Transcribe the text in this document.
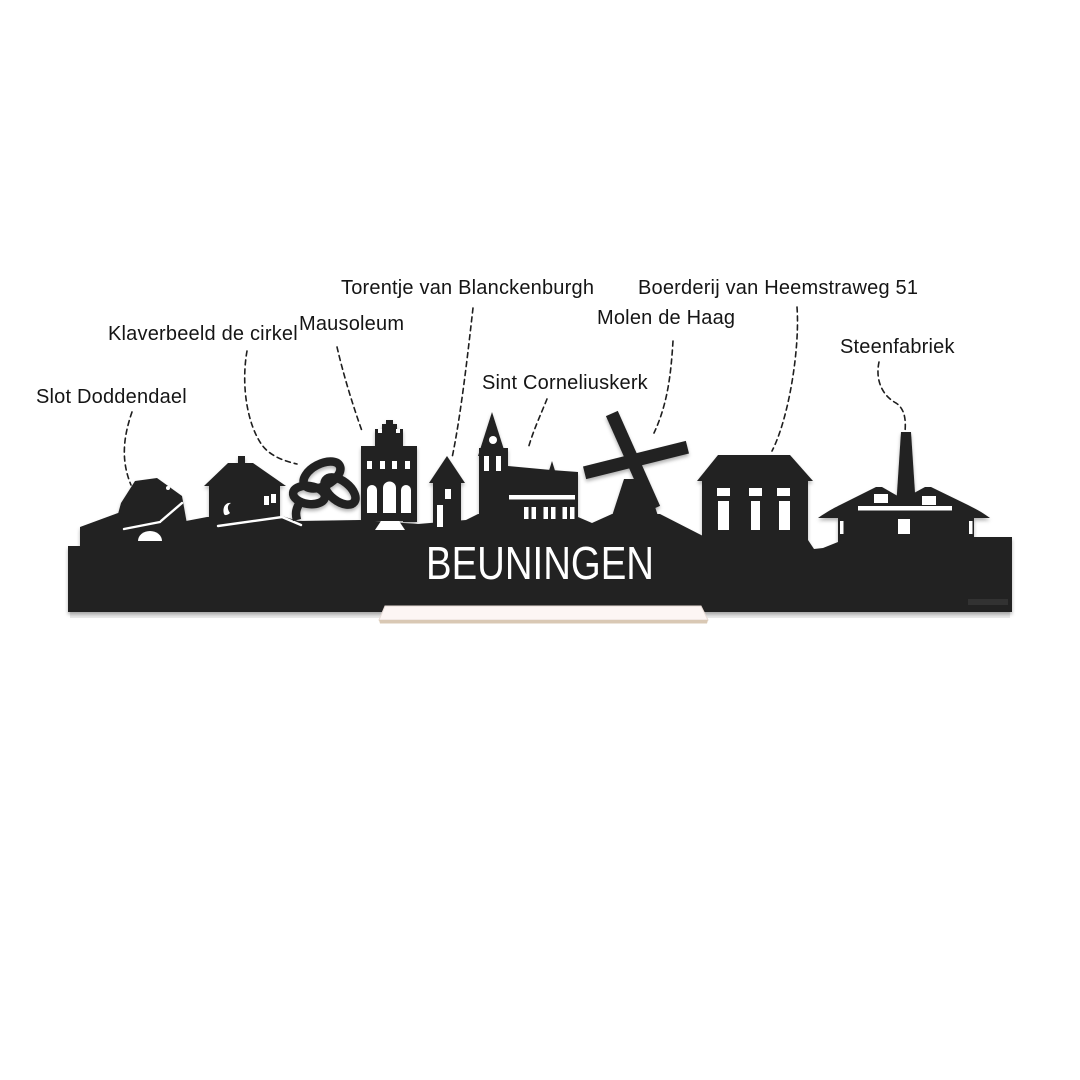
Slot Doddendael
Klaverbeeld de cirkel Mausoleum
Torentje van Blanckenburgh
Sint Corneliuskerk
Molen de Haag
Boerderij van Heemstraweg 51
Steenfabriek
BEUNINGEN
